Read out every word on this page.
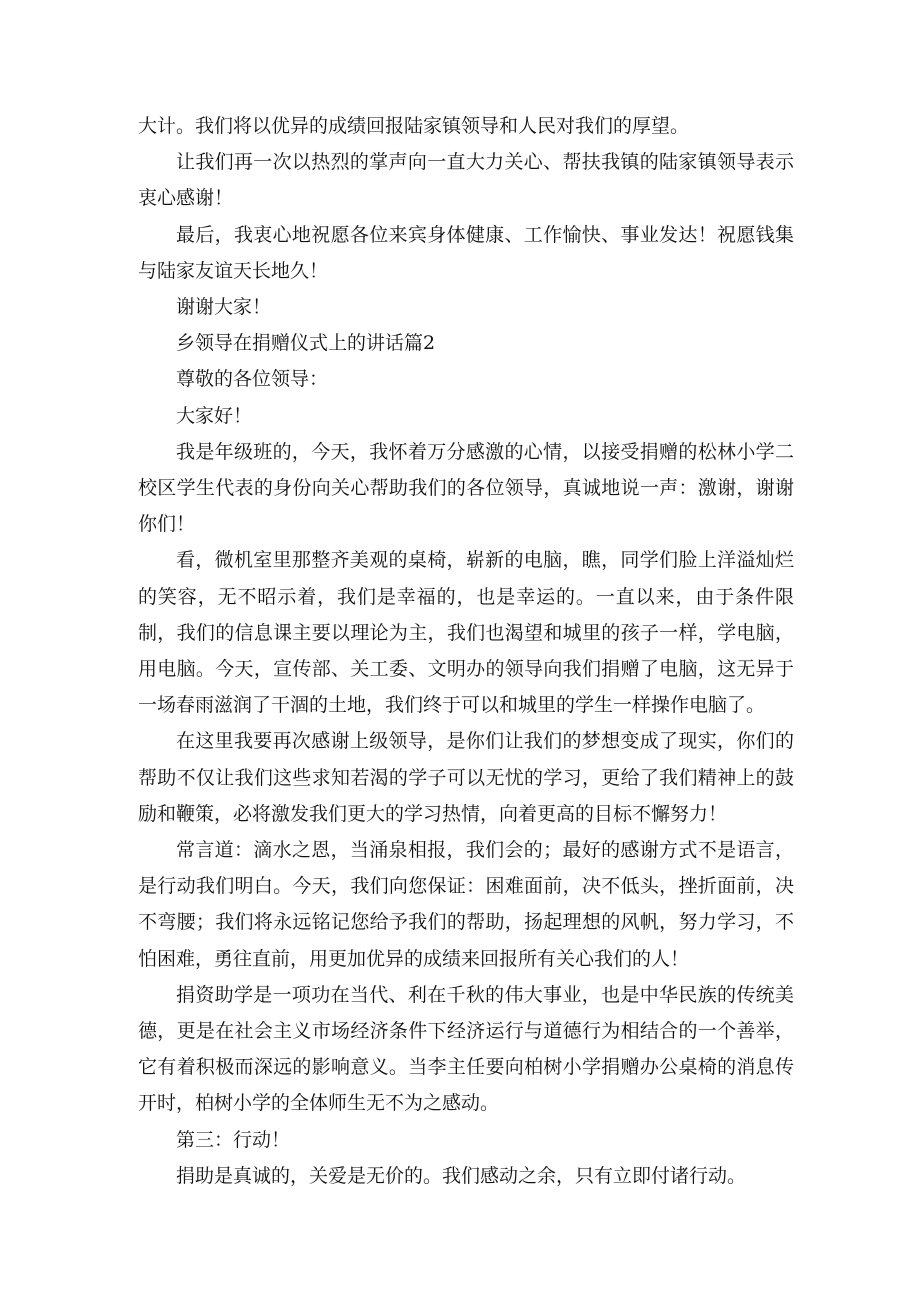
大计。我们将以优异的成绩回报陆家镇领导和人民对我们的厚望。

让我们再一次以热烈的掌声向一直大力关心、帮扶我镇的陆家镇领导表示衷心感谢！

最后，我衷心地祝愿各位来宾身体健康、工作愉快、事业发达！祝愿钱集与陆家友谊天长地久！

谢谢大家！

乡领导在捐赠仪式上的讲话篇2

尊敬的各位领导：

大家好！

我是年级班的，今天，我怀着万分感激的心情，以接受捐赠的松林小学二校区学生代表的身份向关心帮助我们的各位领导，真诚地说一声：激谢，谢谢你们！

看，微机室里那整齐美观的桌椅，崭新的电脑，瞧，同学们脸上洋溢灿烂的笑容，无不昭示着，我们是幸福的，也是幸运的。一直以来，由于条件限制，我们的信息课主要以理论为主，我们也渴望和城里的孩子一样，学电脑，用电脑。今天，宣传部、关工委、文明办的领导向我们捐赠了电脑，这无异于一场春雨滋润了干涸的土地，我们终于可以和城里的学生一样操作电脑了。

在这里我要再次感谢上级领导，是你们让我们的梦想变成了现实，你们的帮助不仅让我们这些求知若渴的学子可以无忧的学习，更给了我们精神上的鼓励和鞭策，必将激发我们更大的学习热情，向着更高的目标不懈努力！

常言道：滴水之恩，当涌泉相报，我们会的；最好的感谢方式不是语言，是行动我们明白。今天，我们向您保证：困难面前，决不低头，挫折面前，决不弯腰；我们将永远铭记您给予我们的帮助，扬起理想的风帆，努力学习，不怕困难，勇往直前，用更加优异的成绩来回报所有关心我们的人！

捐资助学是一项功在当代、利在千秋的伟大事业，也是中华民族的传统美德，更是在社会主义市场经济条件下经济运行与道德行为相结合的一个善举，它有着积极而深远的影响意义。当李主任要向柏树小学捐赠办公桌椅的消息传开时，柏树小学的全体师生无不为之感动。

第三：行动！

捐助是真诚的，关爱是无价的。我们感动之余，只有立即付诸行动。
